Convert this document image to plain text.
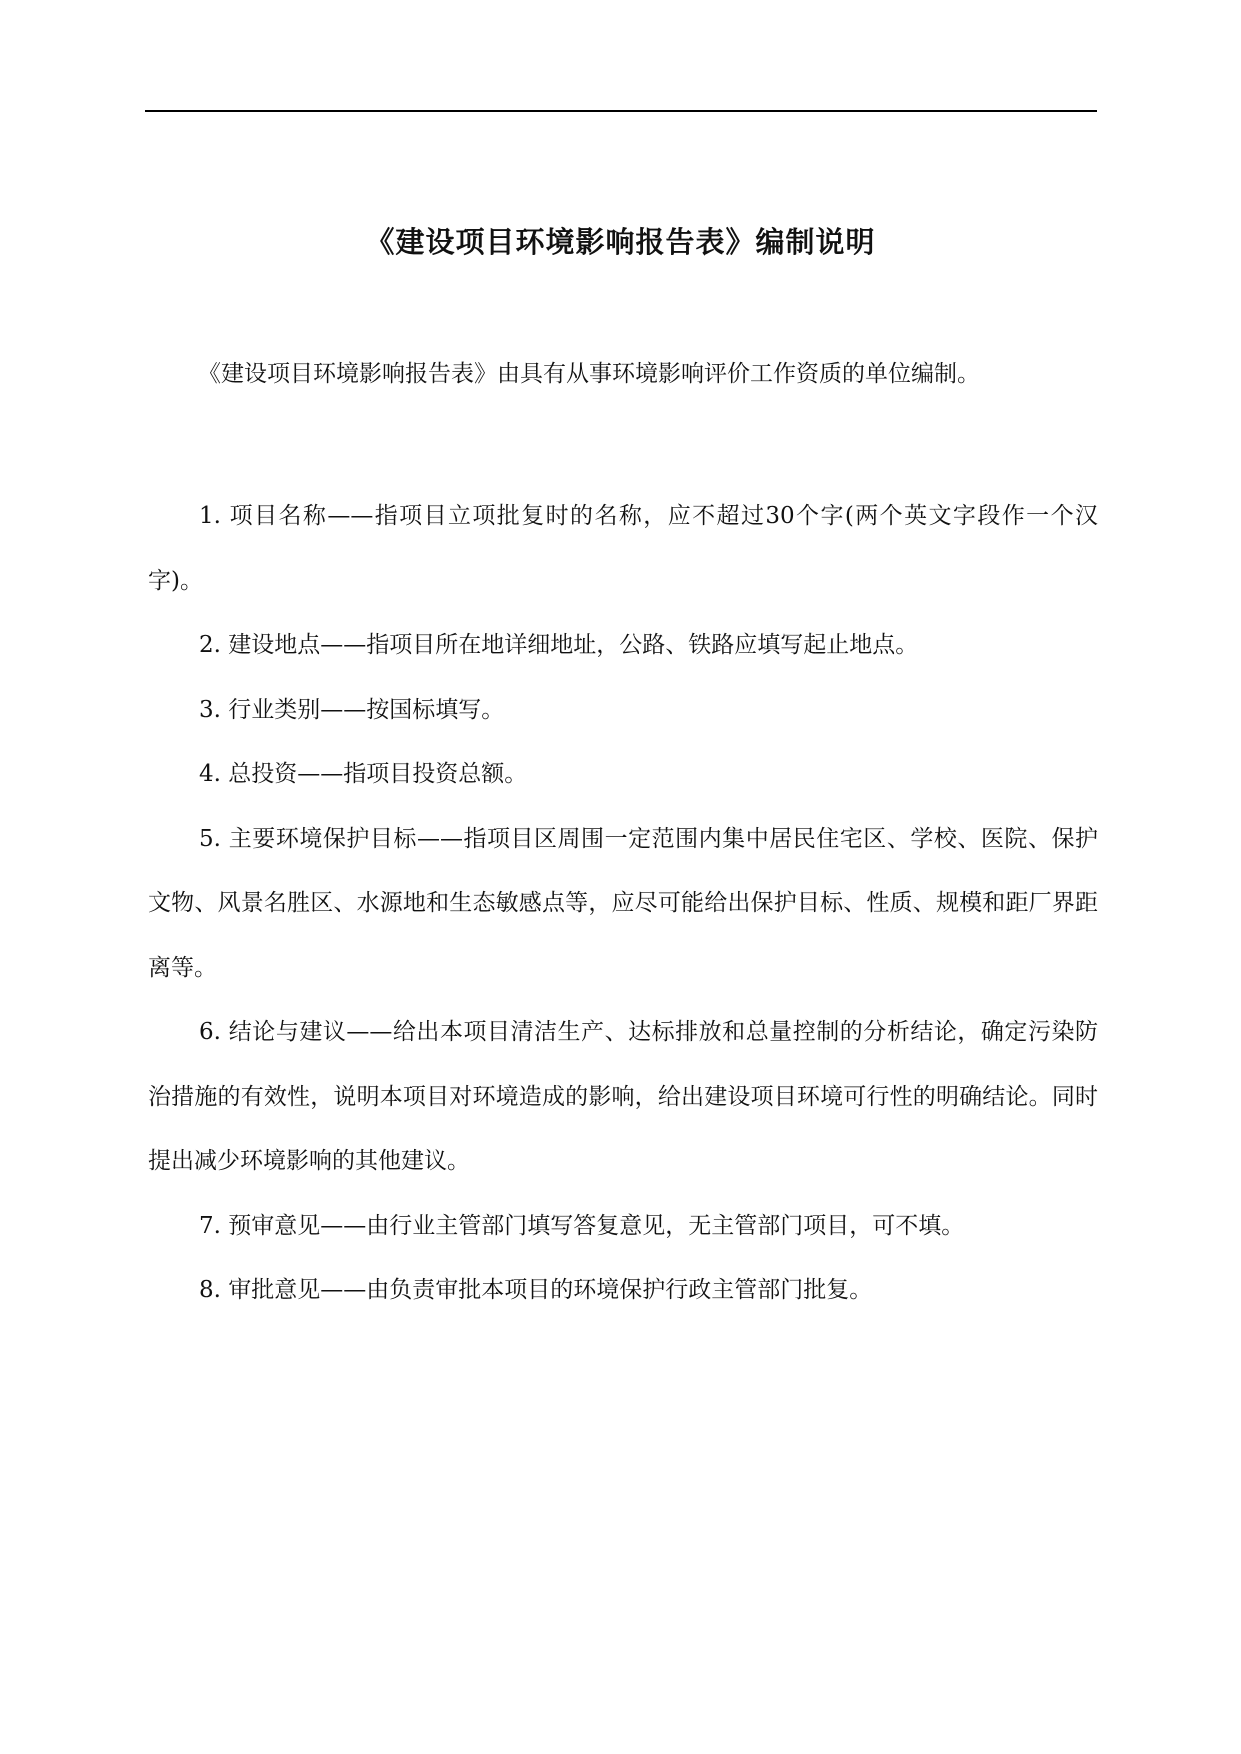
《建设项目环境影响报告表》编制说明
《建设项目环境影响报告表》由具有从事环境影响评价工作资质的单位编制。

1. 项目名称——指项目立项批复时的名称，应不超过30个字(两个英文字段作一个汉字)。

2. 建设地点——指项目所在地详细地址，公路、铁路应填写起止地点。

3. 行业类别——按国标填写。

4. 总投资——指项目投资总额。

5. 主要环境保护目标——指项目区周围一定范围内集中居民住宅区、学校、医院、保护文物、风景名胜区、水源地和生态敏感点等，应尽可能给出保护目标、性质、规模和距厂界距离等。

6. 结论与建议——给出本项目清洁生产、达标排放和总量控制的分析结论，确定污染防治措施的有效性，说明本项目对环境造成的影响，给出建设项目环境可行性的明确结论。同时提出减少环境影响的其他建议。

7. 预审意见——由行业主管部门填写答复意见，无主管部门项目，可不填。

8. 审批意见——由负责审批本项目的环境保护行政主管部门批复。
